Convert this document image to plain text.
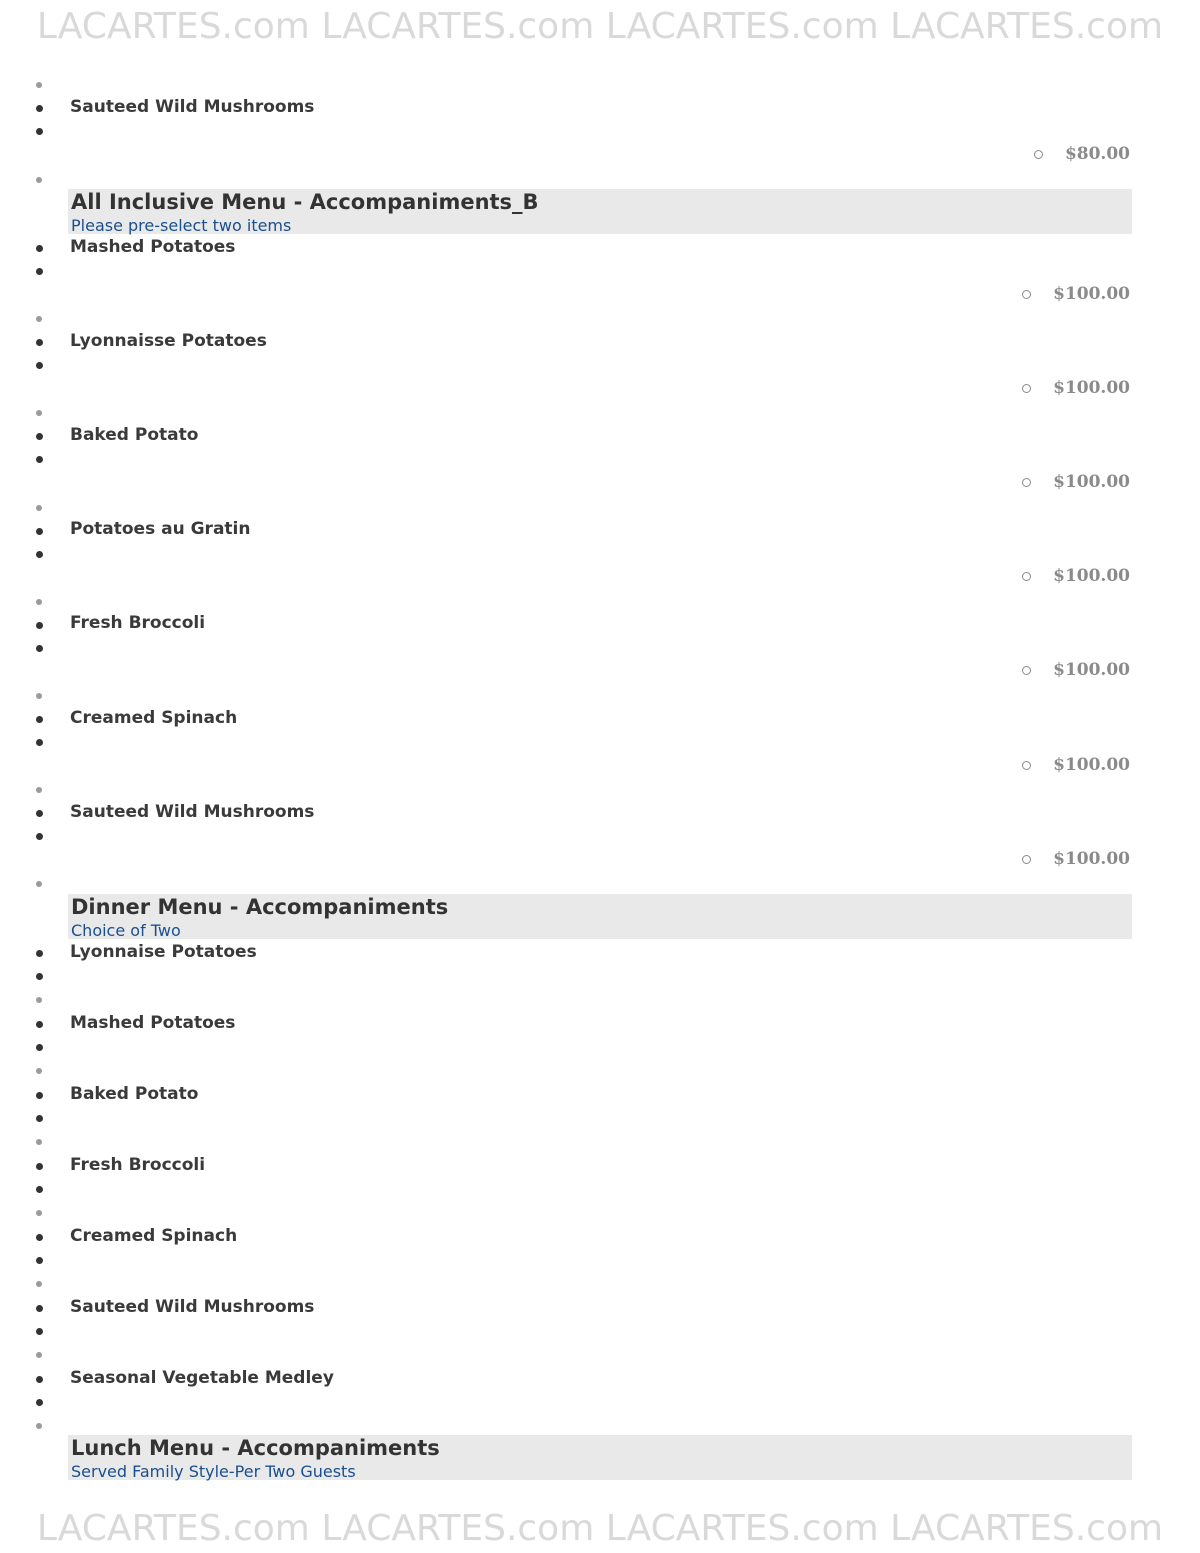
LACARTES.com LACARTES.com LACARTES.com LACARTES.com
Sauteed Wild Mushrooms
$80.00
All Inclusive Menu - Accompaniments_B
Please pre-select two items
Mashed Potatoes
$100.00
Lyonnaisse Potatoes
$100.00
Baked Potato
$100.00
Potatoes au Gratin
$100.00
Fresh Broccoli
$100.00
Creamed Spinach
$100.00
Sauteed Wild Mushrooms
$100.00
Dinner Menu - Accompaniments
Choice of Two
Lyonnaise Potatoes
Mashed Potatoes
Baked Potato
Fresh Broccoli
Creamed Spinach
Sauteed Wild Mushrooms
Seasonal Vegetable Medley
Lunch Menu - Accompaniments
Served Family Style-Per Two Guests
LACARTES.com LACARTES.com LACARTES.com LACARTES.com
